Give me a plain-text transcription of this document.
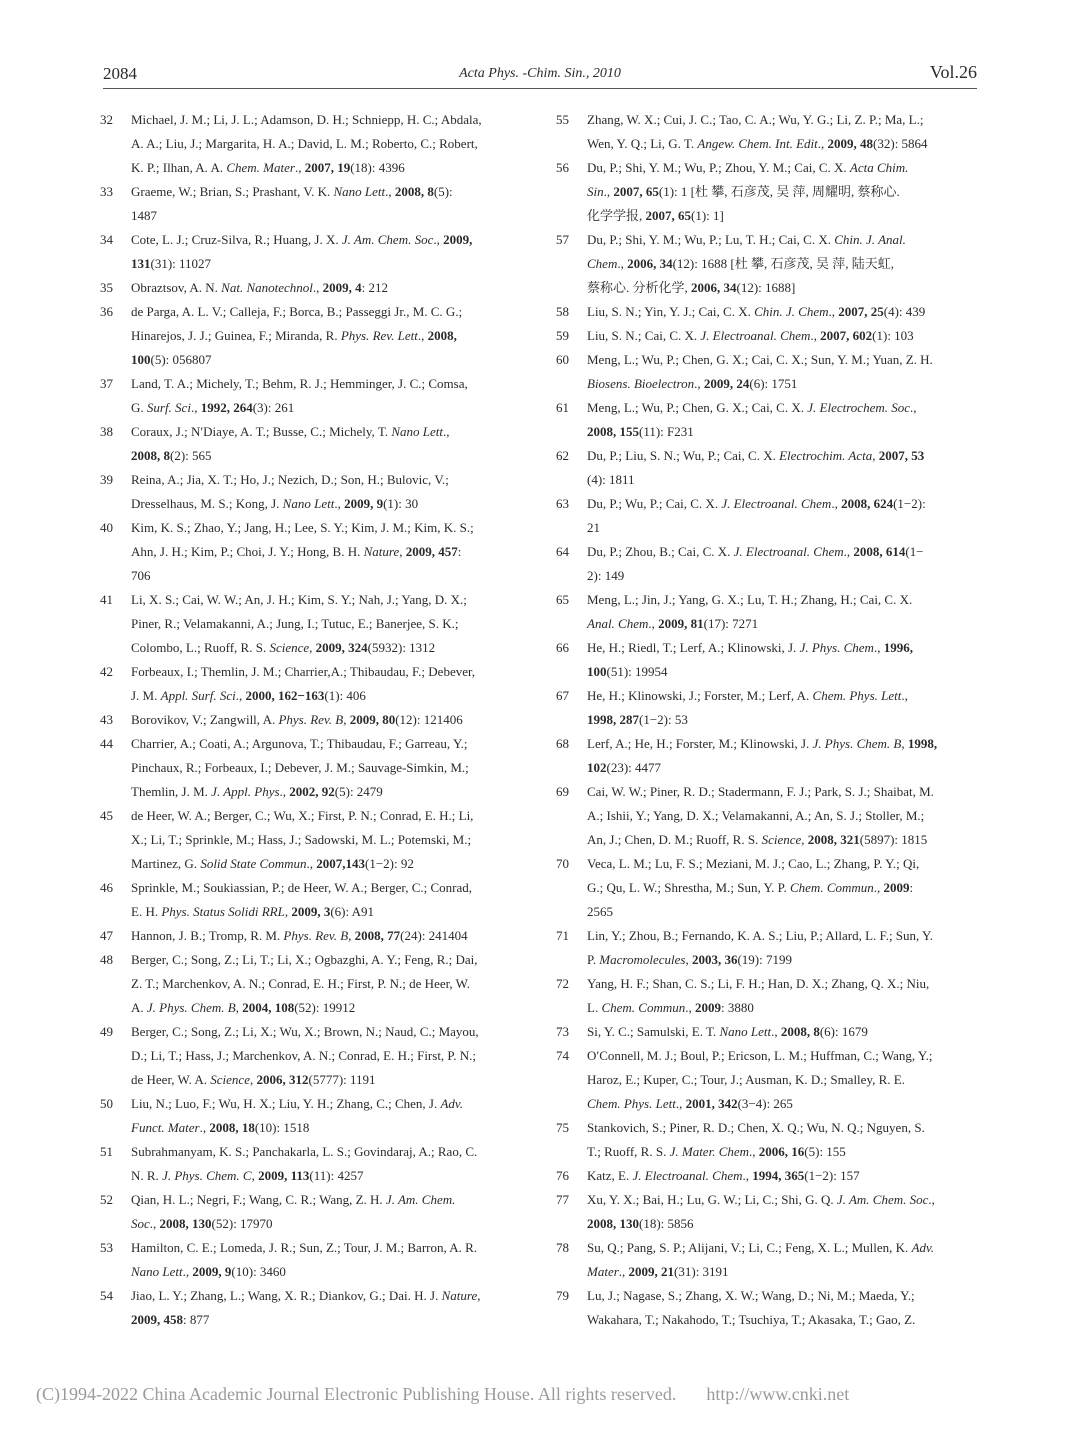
2084	Acta Phys. -Chim. Sin., 2010	Vol.26
32	Michael, J. M.; Li, J. L.; Adamson, D. H.; Schniepp, H. C.; Abdala,
A. A.; Liu, J.; Margarita, H. A.; David, L. M.; Roberto, C.; Robert,
K. P.; Ilhan, A. A. Chem. Mater., 2007, 19(18): 4396
33	Graeme, W.; Brian, S.; Prashant, V. K. Nano Lett., 2008, 8(5):
1487
34	Cote, L. J.; Cruz-Silva, R.; Huang, J. X. J. Am. Chem. Soc., 2009,
131(31): 11027
35	Obraztsov, A. N. Nat. Nanotechnol., 2009, 4: 212
36	de Parga, A. L. V.; Calleja, F.; Borca, B.; Passeggi Jr., M. C. G.;
Hinarejos, J. J.; Guinea, F.; Miranda, R. Phys. Rev. Lett., 2008,
100(5): 056807
37	Land, T. A.; Michely, T.; Behm, R. J.; Hemminger, J. C.; Comsa,
G. Surf. Sci., 1992, 264(3): 261
38	Coraux, J.; N′Diaye, A. T.; Busse, C.; Michely, T. Nano Lett.,
2008, 8(2): 565
39	Reina, A.; Jia, X. T.; Ho, J.; Nezich, D.; Son, H.; Bulovic, V.;
Dresselhaus, M. S.; Kong, J. Nano Lett., 2009, 9(1): 30
40	Kim, K. S.; Zhao, Y.; Jang, H.; Lee, S. Y.; Kim, J. M.; Kim, K. S.;
Ahn, J. H.; Kim, P.; Choi, J. Y.; Hong, B. H. Nature, 2009, 457:
706
41	Li, X. S.; Cai, W. W.; An, J. H.; Kim, S. Y.; Nah, J.; Yang, D. X.;
Piner, R.; Velamakanni, A.; Jung, I.; Tutuc, E.; Banerjee, S. K.;
Colombo, L.; Ruoff, R. S. Science, 2009, 324(5932): 1312
42	Forbeaux, I.; Themlin, J. M.; Charrier,A.; Thibaudau, F.; Debever,
J. M. Appl. Surf. Sci., 2000, 162−163(1): 406
43	Borovikov, V.; Zangwill, A. Phys. Rev. B, 2009, 80(12): 121406
44	Charrier, A.; Coati, A.; Argunova, T.; Thibaudau, F.; Garreau, Y.;
Pinchaux, R.; Forbeaux, I.; Debever, J. M.; Sauvage-Simkin, M.;
Themlin, J. M. J. Appl. Phys., 2002, 92(5): 2479
45	de Heer, W. A.; Berger, C.; Wu, X.; First, P. N.; Conrad, E. H.; Li,
X.; Li, T.; Sprinkle, M.; Hass, J.; Sadowski, M. L.; Potemski, M.;
Martinez, G. Solid State Commun., 2007,143(1−2): 92
46	Sprinkle, M.; Soukiassian, P.; de Heer, W. A.; Berger, C.; Conrad,
E. H. Phys. Status Solidi RRL, 2009, 3(6): A91
47	Hannon, J. B.; Tromp, R. M. Phys. Rev. B, 2008, 77(24): 241404
48	Berger, C.; Song, Z.; Li, T.; Li, X.; Ogbazghi, A. Y.; Feng, R.; Dai,
Z. T.; Marchenkov, A. N.; Conrad, E. H.; First, P. N.; de Heer, W.
A. J. Phys. Chem. B, 2004, 108(52): 19912
49	Berger, C.; Song, Z.; Li, X.; Wu, X.; Brown, N.; Naud, C.; Mayou,
D.; Li, T.; Hass, J.; Marchenkov, A. N.; Conrad, E. H.; First, P. N.;
de Heer, W. A. Science, 2006, 312(5777): 1191
50	Liu, N.; Luo, F.; Wu, H. X.; Liu, Y. H.; Zhang, C.; Chen, J. Adv.
Funct. Mater., 2008, 18(10): 1518
51	Subrahmanyam, K. S.; Panchakarla, L. S.; Govindaraj, A.; Rao, C.
N. R. J. Phys. Chem. C, 2009, 113(11): 4257
52	Qian, H. L.; Negri, F.; Wang, C. R.; Wang, Z. H. J. Am. Chem.
Soc., 2008, 130(52): 17970
53	Hamilton, C. E.; Lomeda, J. R.; Sun, Z.; Tour, J. M.; Barron, A. R.
Nano Lett., 2009, 9(10): 3460
54	Jiao, L. Y.; Zhang, L.; Wang, X. R.; Diankov, G.; Dai. H. J. Nature,
2009, 458: 877
55	Zhang, W. X.; Cui, J. C.; Tao, C. A.; Wu, Y. G.; Li, Z. P.; Ma, L.;
Wen, Y. Q.; Li, G. T. Angew. Chem. Int. Edit., 2009, 48(32): 5864
56	Du, P.; Shi, Y. M.; Wu, P.; Zhou, Y. M.; Cai, C. X. Acta Chim.
Sin., 2007, 65(1): 1 [杜 攀, 石彦茂, 吴 萍, 周耀明, 蔡称心.
化学学报, 2007, 65(1): 1]
57	Du, P.; Shi, Y. M.; Wu, P.; Lu, T. H.; Cai, C. X. Chin. J. Anal.
Chem., 2006, 34(12): 1688 [杜 攀, 石彦茂, 吴 萍, 陆天虹,
蔡称心. 分析化学, 2006, 34(12): 1688]
58	Liu, S. N.; Yin, Y. J.; Cai, C. X. Chin. J. Chem., 2007, 25(4): 439
59	Liu, S. N.; Cai, C. X. J. Electroanal. Chem., 2007, 602(1): 103
60	Meng, L.; Wu, P.; Chen, G. X.; Cai, C. X.; Sun, Y. M.; Yuan, Z. H.
Biosens. Bioelectron., 2009, 24(6): 1751
61	Meng, L.; Wu, P.; Chen, G. X.; Cai, C. X. J. Electrochem. Soc.,
2008, 155(11): F231
62	Du, P.; Liu, S. N.; Wu, P.; Cai, C. X. Electrochim. Acta, 2007, 53
(4): 1811
63	Du, P.; Wu, P.; Cai, C. X. J. Electroanal. Chem., 2008, 624(1−2):
21
64	Du, P.; Zhou, B.; Cai, C. X. J. Electroanal. Chem., 2008, 614(1−
2): 149
65	Meng, L.; Jin, J.; Yang, G. X.; Lu, T. H.; Zhang, H.; Cai, C. X.
Anal. Chem., 2009, 81(17): 7271
66	He, H.; Riedl, T.; Lerf, A.; Klinowski, J. J. Phys. Chem., 1996,
100(51): 19954
67	He, H.; Klinowski, J.; Forster, M.; Lerf, A. Chem. Phys. Lett.,
1998, 287(1−2): 53
68	Lerf, A.; He, H.; Forster, M.; Klinowski, J. J. Phys. Chem. B, 1998,
102(23): 4477
69	Cai, W. W.; Piner, R. D.; Stadermann, F. J.; Park, S. J.; Shaibat, M.
A.; Ishii, Y.; Yang, D. X.; Velamakanni, A.; An, S. J.; Stoller, M.;
An, J.; Chen, D. M.; Ruoff, R. S. Science, 2008, 321(5897): 1815
70	Veca, L. M.; Lu, F. S.; Meziani, M. J.; Cao, L.; Zhang, P. Y.; Qi,
G.; Qu, L. W.; Shrestha, M.; Sun, Y. P. Chem. Commun., 2009:
2565
71	Lin, Y.; Zhou, B.; Fernando, K. A. S.; Liu, P.; Allard, L. F.; Sun, Y.
P. Macromolecules, 2003, 36(19): 7199
72	Yang, H. F.; Shan, C. S.; Li, F. H.; Han, D. X.; Zhang, Q. X.; Niu,
L. Chem. Commun., 2009: 3880
73	Si, Y. C.; Samulski, E. T. Nano Lett., 2008, 8(6): 1679
74	O′Connell, M. J.; Boul, P.; Ericson, L. M.; Huffman, C.; Wang, Y.;
Haroz, E.; Kuper, C.; Tour, J.; Ausman, K. D.; Smalley, R. E.
Chem. Phys. Lett., 2001, 342(3−4): 265
75	Stankovich, S.; Piner, R. D.; Chen, X. Q.; Wu, N. Q.; Nguyen, S.
T.; Ruoff, R. S. J. Mater. Chem., 2006, 16(5): 155
76	Katz, E. J. Electroanal. Chem., 1994, 365(1−2): 157
77	Xu, Y. X.; Bai, H.; Lu, G. W.; Li, C.; Shi, G. Q. J. Am. Chem. Soc.,
2008, 130(18): 5856
78	Su, Q.; Pang, S. P.; Alijani, V.; Li, C.; Feng, X. L.; Mullen, K. Adv.
Mater., 2009, 21(31): 3191
79	Lu, J.; Nagase, S.; Zhang, X. W.; Wang, D.; Ni, M.; Maeda, Y.;
Wakahara, T.; Nakahodo, T.; Tsuchiya, T.; Akasaka, T.; Gao, Z.
(C)1994-2022 China Academic Journal Electronic Publishing House. All rights reserved. http://www.cnki.net
